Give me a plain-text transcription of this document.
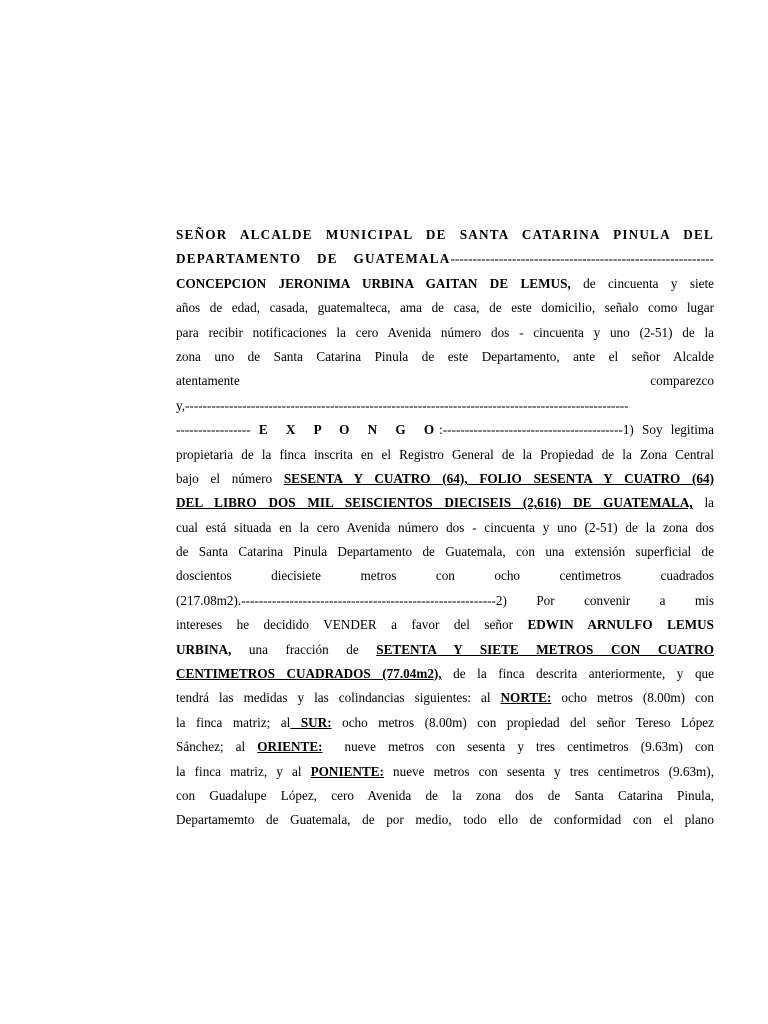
SEÑOR ALCALDE MUNICIPAL DE SANTA CATARINA PINULA DEL
DEPARTAMENTO DE GUATEMALA------------------------------------------------------------
CONCEPCION JERONIMA URBINA GAITAN DE LEMUS, de cincuenta y siete
años de edad, casada, guatemalteca, ama de casa, de este domicilio, señalo como lugar
para recibir notificaciones la cero Avenida número dos - cincuenta y uno (2-51) de la
zona uno de Santa Catarina Pinula de este Departamento, ante el señor Alcalde
atentamente comparezco
y,-----------------------------------------------------------------------------------------------------
----------------- E X P O N G O:-----------------------------------------1) Soy legitima
propietaria de la finca inscrita en el Registro General de la Propiedad de la Zona Central
bajo el número SESENTA Y CUATRO (64), FOLIO SESENTA Y CUATRO (64)
DEL LIBRO DOS MIL SEISCIENTOS DIECISEIS (2,616) DE GUATEMALA, la
cual está situada en la cero Avenida número dos - cincuenta y uno (2-51) de la zona dos
de Santa Catarina Pinula Departamento de Guatemala, con una extensión superficial de
doscientos diecisiete metros con ocho centimetros cuadrados
(217.08m2).----------------------------------------------------------2) Por convenir a mis
intereses he decidido VENDER a favor del señor EDWIN ARNULFO LEMUS
URBINA, una fracción de SETENTA Y SIETE METROS CON CUATRO
CENTIMETROS CUADRADOS (77.04m2), de la finca descrita anteriormente, y que
tendrá las medidas y las colindancias siguientes: al NORTE: ocho metros (8.00m) con
la finca matriz; al SUR: ocho metros (8.00m) con propiedad del señor Tereso López
Sánchez; al ORIENTE: nueve metros con sesenta y tres centimetros (9.63m) con
la finca matriz, y al PONIENTE: nueve metros con sesenta y tres centimetros (9.63m),
con Guadalupe López, cero Avenida de la zona dos de Santa Catarina Pinula,
Departamemto de Guatemala, de por medio, todo ello de conformidad con el plano
